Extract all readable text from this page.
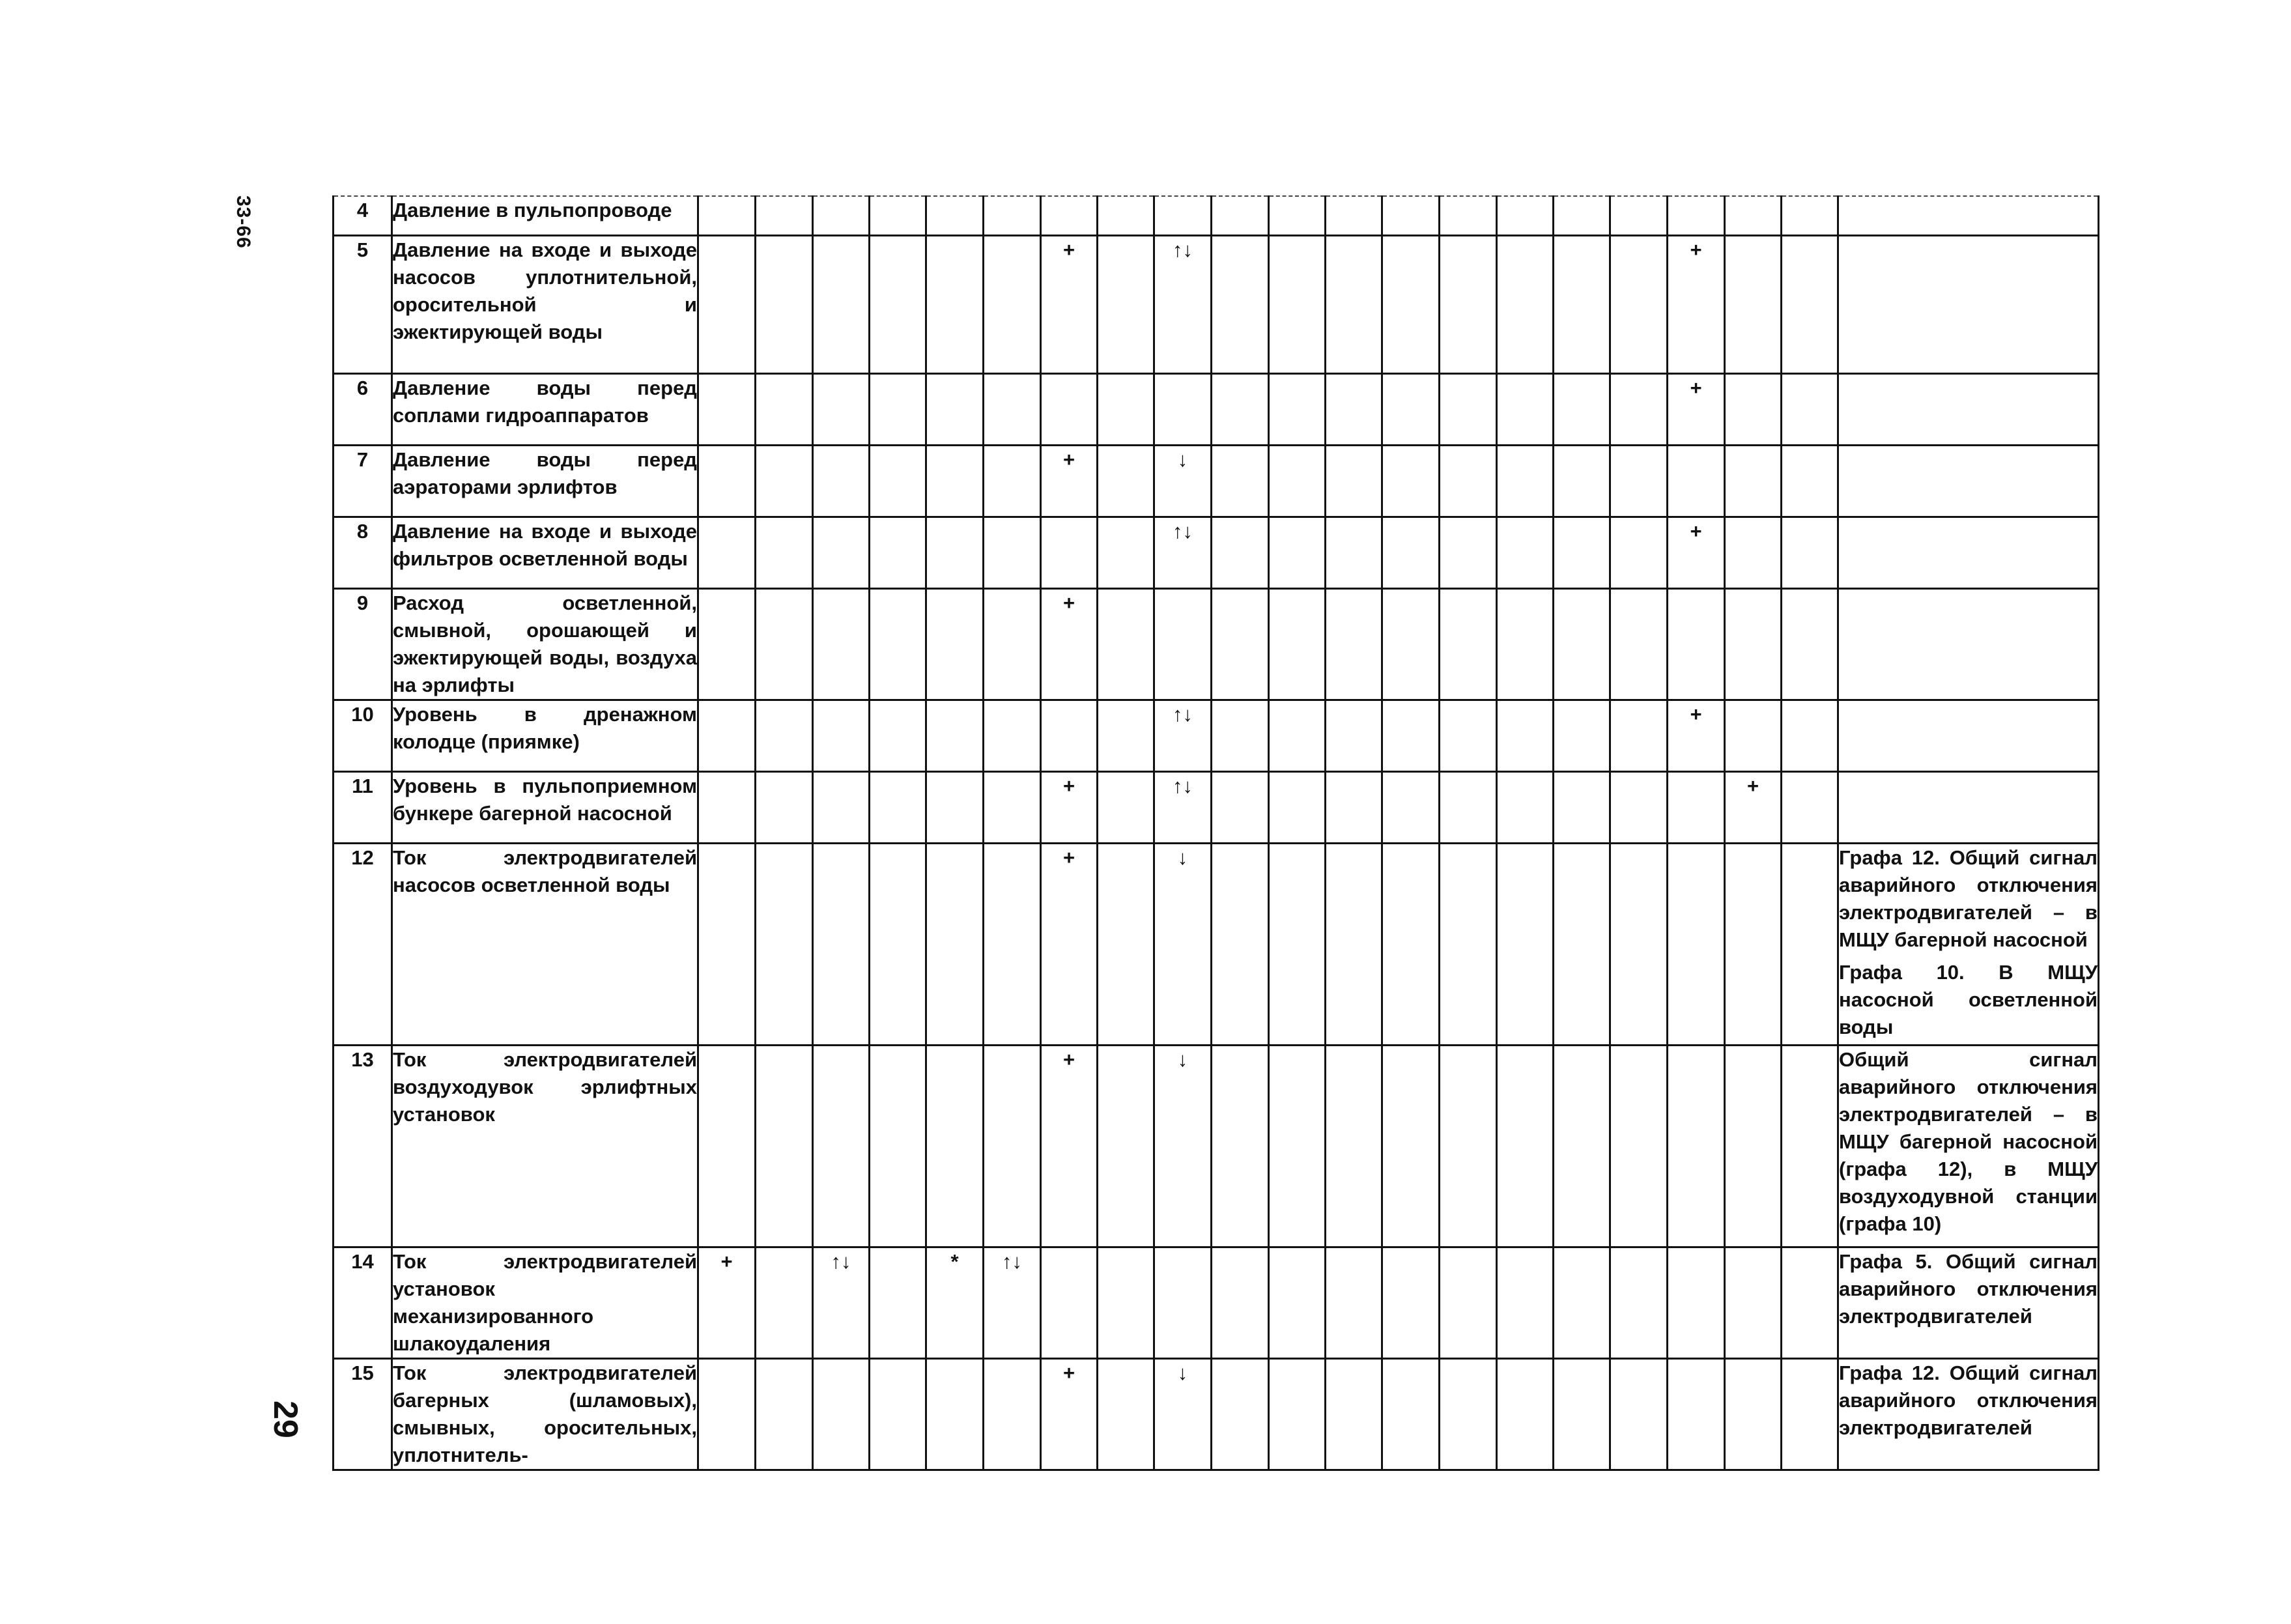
33-66
29
4	Давление в пульпопроводе																					
5	Давление на входе и выходе насосов уплотнительной, оросительной и эжектирующей воды							+		↑↓									+			
6	Давление воды перед соплами гидроаппаратов																		+			
7	Давление воды перед аэраторами эрлифтов							+		↓												
8	Давление на входе и выходе фильтров осветленной воды									↑↓									+			
9	Расход осветленной, смывной, орошающей и эжектирующей воды, воздуха на эрлифты							+														
10	Уровень в дренажном колодце (приямке)									↑↓									+			
11	Уровень в пульпоприемном бункере багерной насосной							+		↑↓										+		
12	Ток электродвигателей насосов осветленной воды							+		↓												Графа 12. Общий сигнал аварийного отключения электродвигателей – в МЩУ багерной насосной
Графа 10. В МЩУ насосной осветленной воды

13	Ток электродвигателей воздуходувок эрлифтных установок							+		↓												Общий сигнал аварийного отключения электродвигателей – в МЩУ багерной насосной (графа 12), в МЩУ воздуходувной станции (графа 10)

14	Ток электродвигателей установок механизированного шлакоудаления	+		↑↓		*	↑↓															Графа 5. Общий сигнал аварийного отключения электродвигателей

15	Ток электродвигателей багерных (шламовых), смывных, оросительных, уплотнитель-							+		↓												Графа 12. Общий сигнал аварийного отключения электродвигателей
